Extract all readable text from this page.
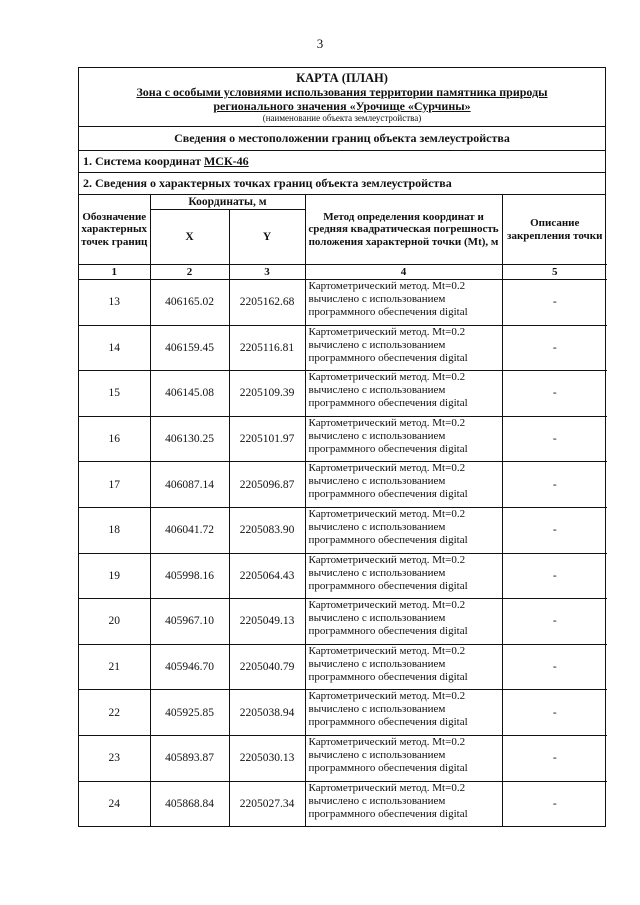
3
КАРТА (ПЛАН)
Зона с особыми условиями использования территории памятника природы
регионального значения «Урочище «Сурчины»
(наименование объекта землеустройства)
Сведения о местоположении границ объекта землеустройства
1. Система координат МСК-46
2. Сведения о характерных точках границ объекта землеустройства
Обозначение характерных точек границ	Координаты, м		Метод определения координат и средняя квадратическая погрешность положения характерной точки (Mt), м	Описание закрепления точки
	X	Y		
1	2	3	4	5
13	406165.02	2205162.68	Картометрический метод. Mt=0.2
вычислено с использованием
программного обеспечения digital	-
14	406159.45	2205116.81	Картометрический метод. Mt=0.2
вычислено с использованием
программного обеспечения digital	-
15	406145.08	2205109.39	Картометрический метод. Mt=0.2
вычислено с использованием
программного обеспечения digital	-
16	406130.25	2205101.97	Картометрический метод. Mt=0.2
вычислено с использованием
программного обеспечения digital	-
17	406087.14	2205096.87	Картометрический метод. Mt=0.2
вычислено с использованием
программного обеспечения digital	-
18	406041.72	2205083.90	Картометрический метод. Mt=0.2
вычислено с использованием
программного обеспечения digital	-
19	405998.16	2205064.43	Картометрический метод. Mt=0.2
вычислено с использованием
программного обеспечения digital	-
20	405967.10	2205049.13	Картометрический метод. Mt=0.2
вычислено с использованием
программного обеспечения digital	-
21	405946.70	2205040.79	Картометрический метод. Mt=0.2
вычислено с использованием
программного обеспечения digital	-
22	405925.85	2205038.94	Картометрический метод. Mt=0.2
вычислено с использованием
программного обеспечения digital	-
23	405893.87	2205030.13	Картометрический метод. Mt=0.2
вычислено с использованием
программного обеспечения digital	-
24	405868.84	2205027.34	Картометрический метод. Mt=0.2
вычислено с использованием
программного обеспечения digital	-
